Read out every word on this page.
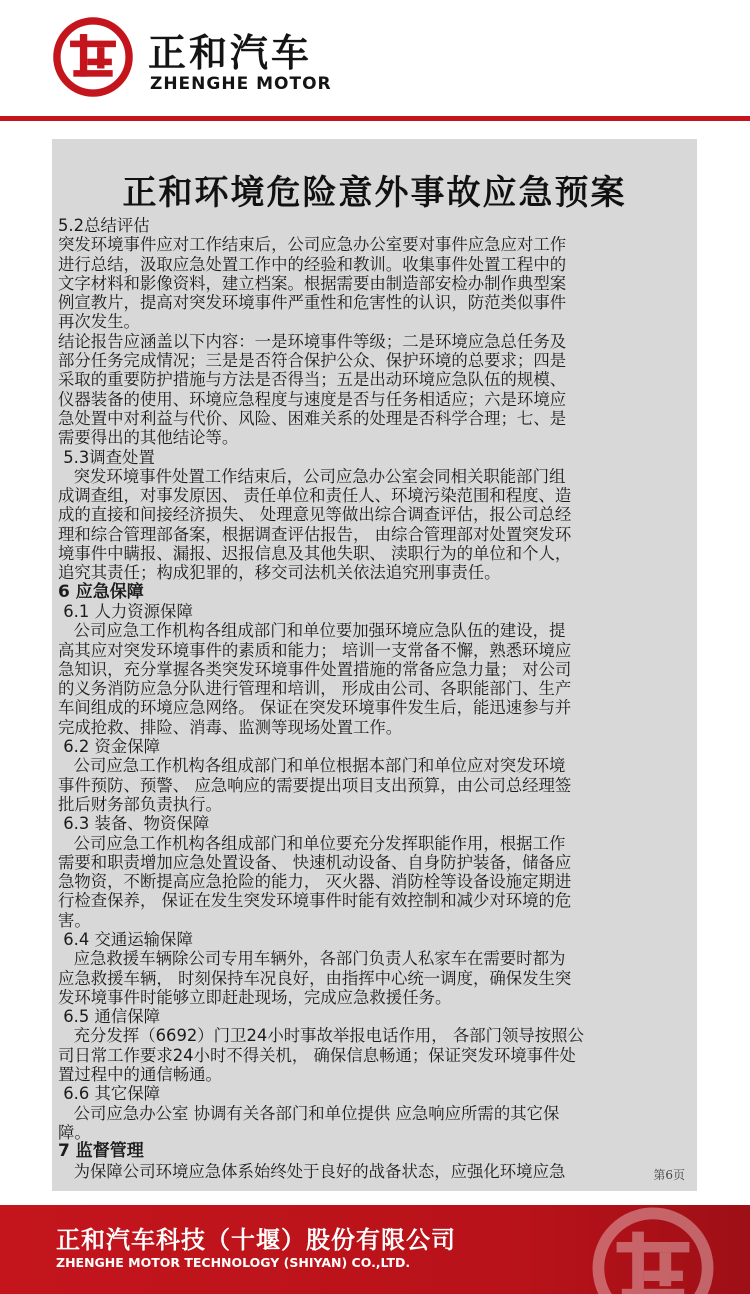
正和汽车
ZHENGHE MOTOR
正和环境危险意外事故应急预案
5.2总结评估
突发环境事件应对工作结束后，公司应急办公室要对事件应急应对工作
进行总结，汲取应急处置工作中的经验和教训。收集事件处置工程中的
文字材料和影像资料，建立档案。根据需要由制造部安检办制作典型案
例宣教片，提高对突发环境事件严重性和危害性的认识，防范类似事件
再次发生。
结论报告应涵盖以下内容：一是环境事件等级；二是环境应急总任务及
部分任务完成情况；三是是否符合保护公众、保护环境的总要求；四是
采取的重要防护措施与方法是否得当；五是出动环境应急队伍的规模、
仪器装备的使用、环境应急程度与速度是否与任务相适应；六是环境应
急处置中对利益与代价、风险、困难关系的处理是否科学合理；七、是
需要得出的其他结论等。
5.3调查处置
突发环境事件处置工作结束后，公司应急办公室会同相关职能部门组
成调查组，对事发原因、 责任单位和责任人、环境污染范围和程度、造
成的直接和间接经济损失、 处理意见等做出综合调查评估，报公司总经
理和综合管理部备案，根据调查评估报告， 由综合管理部对处置突发环
境事件中瞒报、漏报、迟报信息及其他失职、 渎职行为的单位和个人，
追究其责任；构成犯罪的，移交司法机关依法追究刑事责任。
6 应急保障
6.1 人力资源保障
公司应急工作机构各组成部门和单位要加强环境应急队伍的建设，提
高其应对突发环境事件的素质和能力； 培训一支常备不懈，熟悉环境应
急知识，充分掌握各类突发环境事件处置措施的常备应急力量； 对公司
的义务消防应急分队进行管理和培训， 形成由公司、各职能部门、生产
车间组成的环境应急网络。 保证在突发环境事件发生后，能迅速参与并
完成抢救、排险、消毒、监测等现场处置工作。
6.2 资金保障
公司应急工作机构各组成部门和单位根据本部门和单位应对突发环境
事件预防、预警、 应急响应的需要提出项目支出预算，由公司总经理签
批后财务部负责执行。
6.3 装备、物资保障
公司应急工作机构各组成部门和单位要充分发挥职能作用，根据工作
需要和职责增加应急处置设备、 快速机动设备、自身防护装备，储备应
急物资，不断提高应急抢险的能力， 灭火器、消防栓等设备设施定期进
行检查保养， 保证在发生突发环境事件时能有效控制和减少对环境的危
害。
6.4 交通运输保障
应急救援车辆除公司专用车辆外，各部门负责人私家车在需要时都为
应急救援车辆， 时刻保持车况良好，由指挥中心统一调度，确保发生突
发环境事件时能够立即赶赴现场，完成应急救援任务。
6.5 通信保障
充分发挥（6692）门卫24小时事故举报电话作用， 各部门领导按照公
司日常工作要求24小时不得关机， 确保信息畅通；保证突发环境事件处
置过程中的通信畅通。
6.6 其它保障
公司应急办公室 协调有关各部门和单位提供 应急响应所需的其它保
障。
7 监督管理
为保障公司环境应急体系始终处于良好的战备状态，应强化环境应急	第6页
正和汽车科技（十堰）股份有限公司
ZHENGHE MOTOR TECHNOLOGY (SHIYAN) CO.,LTD.
